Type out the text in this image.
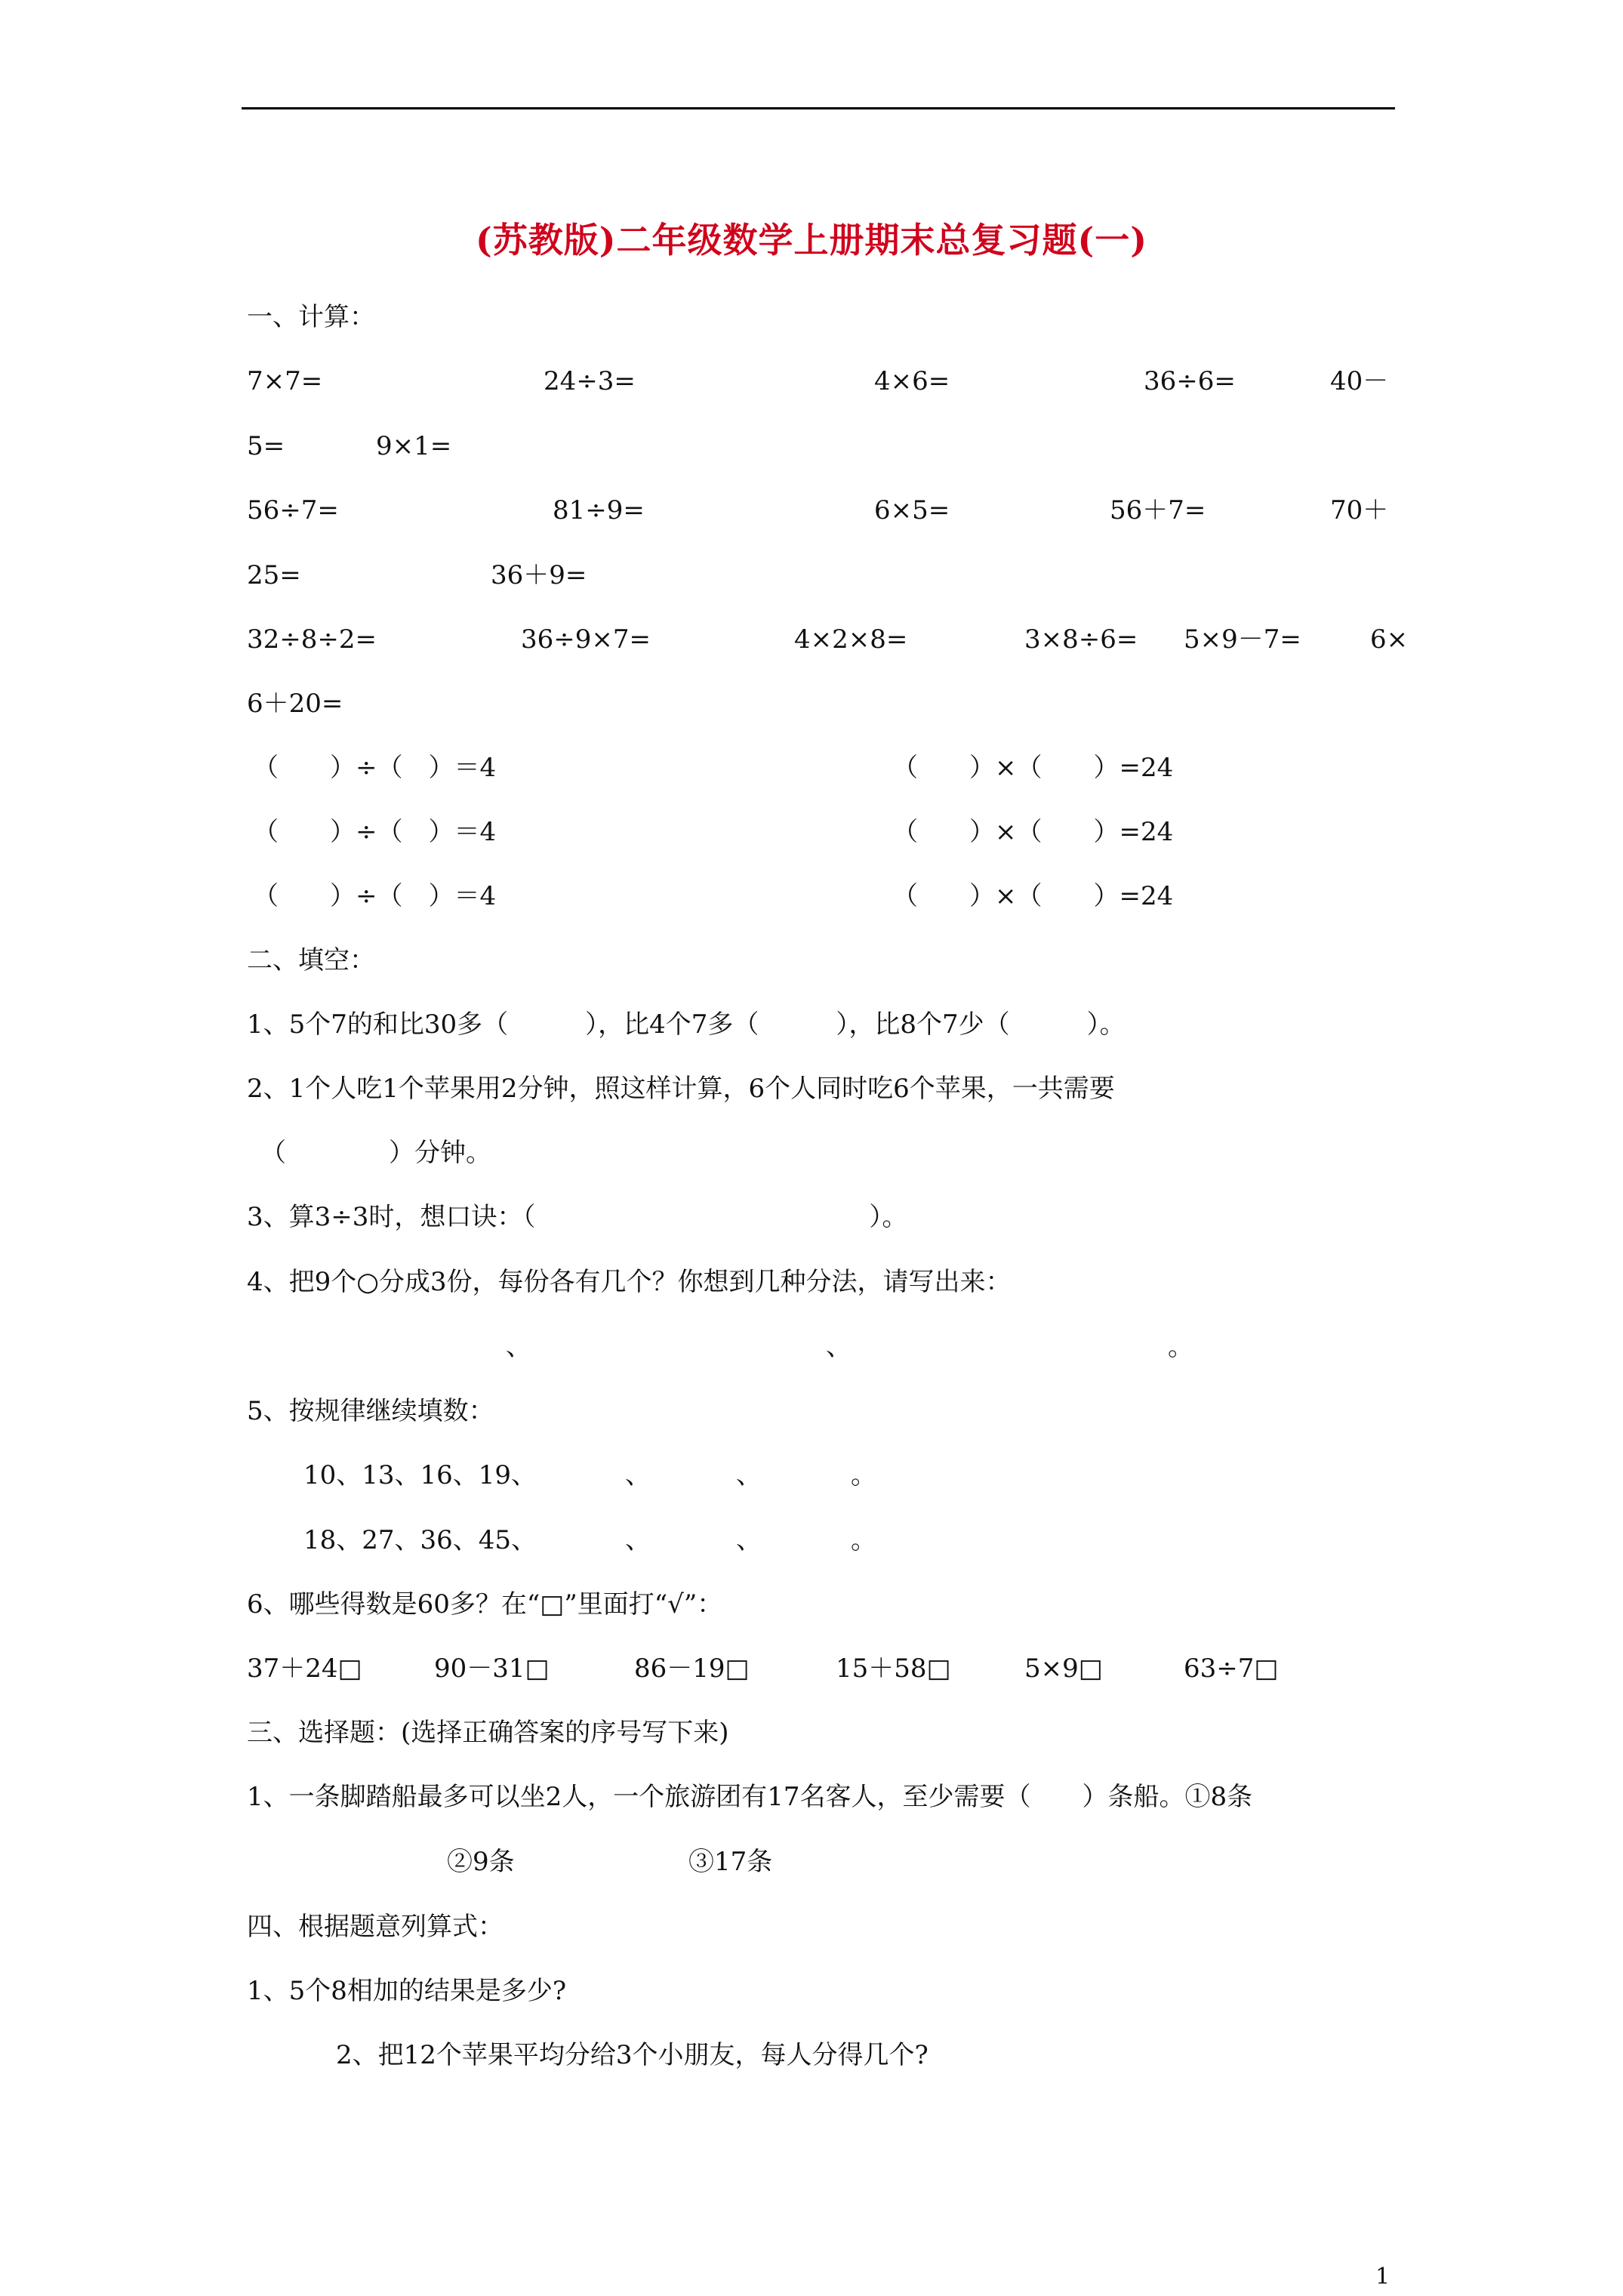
(苏教版)二年级数学上册期末总复习题(一)
一、计算：
7×7=	24÷3=	4×6=	36÷6=	40－
5=	9×1=
56÷7=	81÷9=	6×5=	56＋7=	70＋
25=	36＋9=
32÷8÷2=	36÷9×7=	4×2×8=	3×8÷6= 5×9－7=	6×
6＋20=
（　　）÷（　）＝4	（　　）×（　　）=24
（　　）÷（　）＝4	（　　）×（　　）=24
（　　）÷（　）＝4	（　　）×（　　）=24
二、填空：
1、5个7的和比30多（　　　），比4个7多（　　　），比8个7少（　　　）。
2、1个人吃1个苹果用2分钟，照这样计算，6个人同时吃6个苹果，一共需要
（　　　　）分钟。
3、算3÷3时，想口诀：（　　　　　　　　　　　　　）。
4、把9个○分成3份，每份各有几个？你想到几种分法，请写出来：
、	、	。
5、按规律继续填数：
10、13、16、19、	、	、	。
18、27、36、45、	、	、	。
6、哪些得数是60多？在“□”里面打“√”：
37＋24□	90－31□	86－19□	15＋58□	5×9□	63÷7□
三、选择题：(选择正确答案的序号写下来)
1、一条脚踏船最多可以坐2人，一个旅游团有17名客人，至少需要（　　）条船。①8条
②9条	③17条
四、根据题意列算式：
1、5个8相加的结果是多少?
2、把12个苹果平均分给3个小朋友，每人分得几个?
1
